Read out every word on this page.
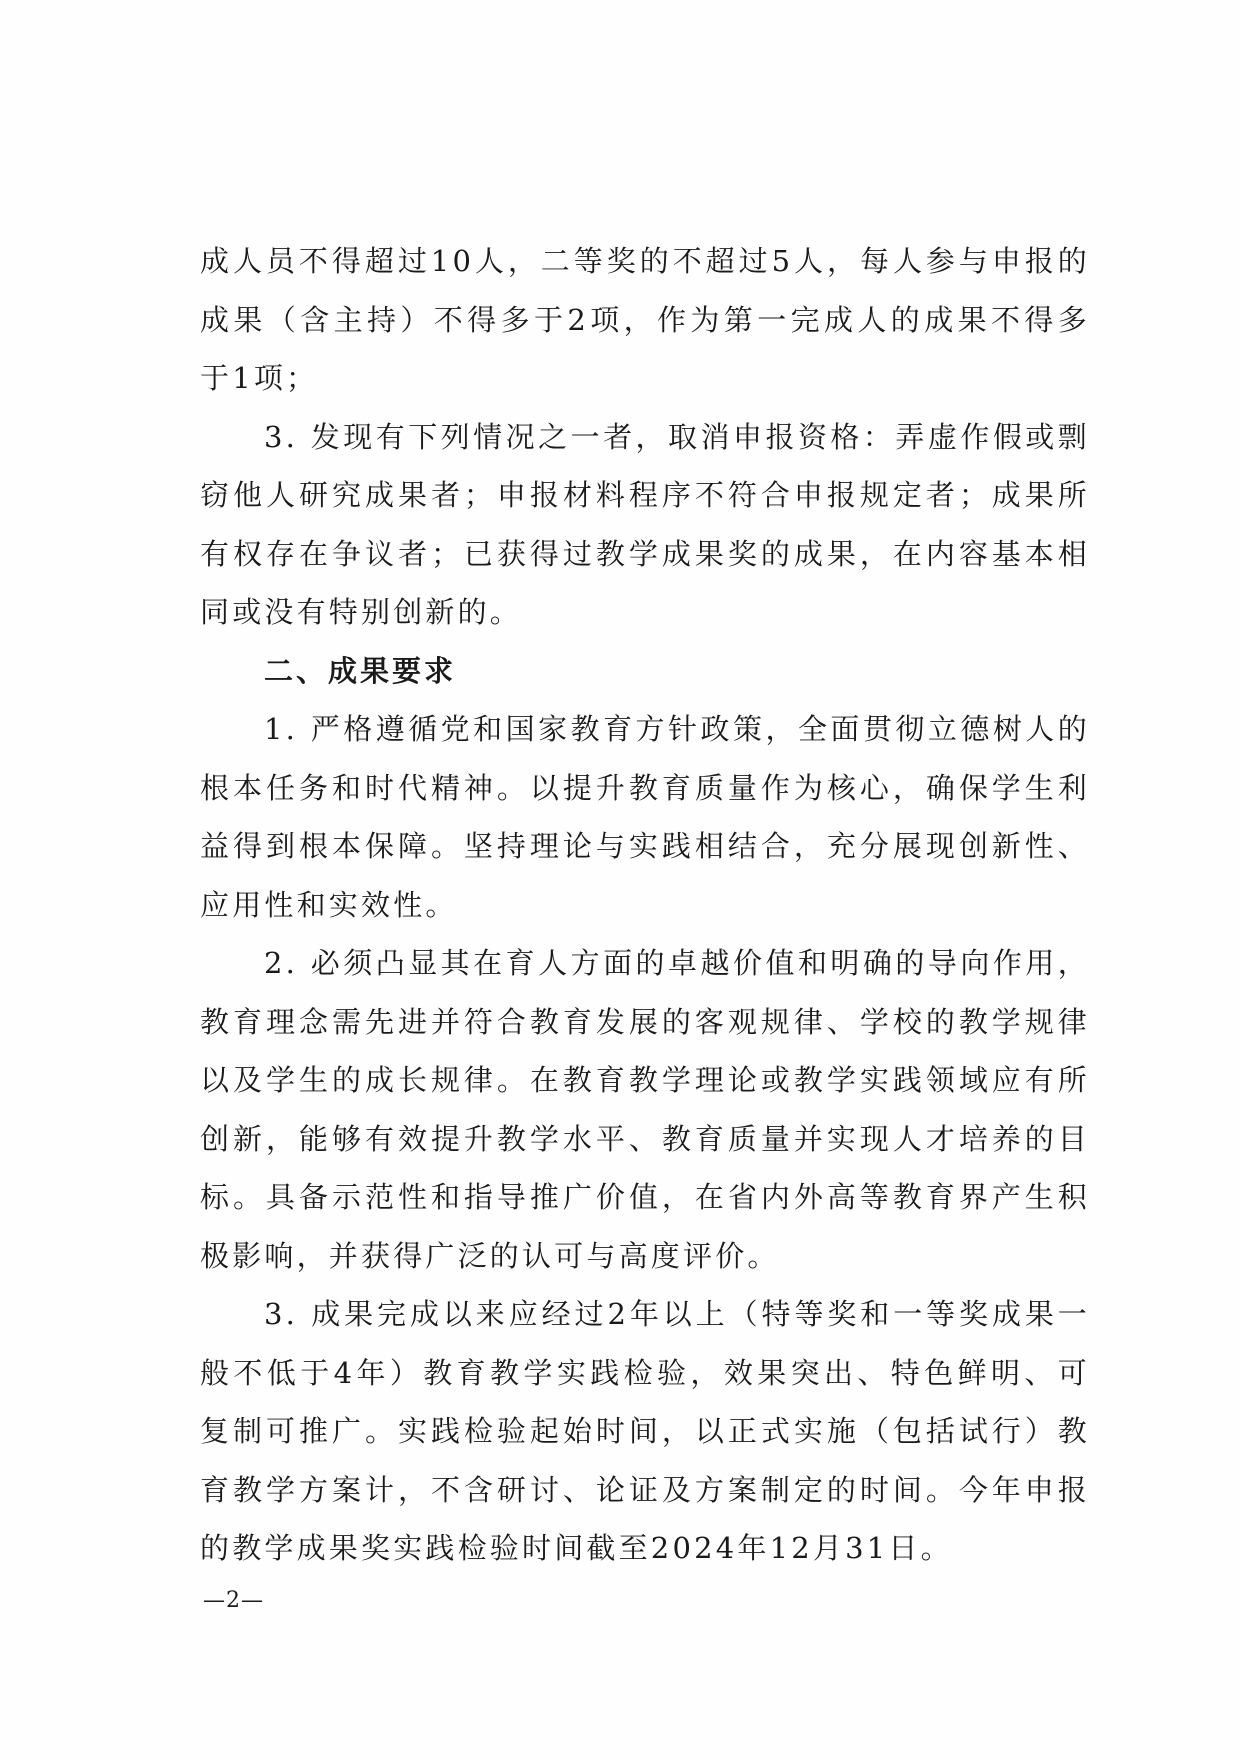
成人员不得超过10人，二等奖的不超过5人，每人参与申报的成果（含主持）不得多于2项，作为第一完成人的成果不得多于1项；

3. 发现有下列情况之一者，取消申报资格：弄虚作假或剽窃他人研究成果者；申报材料程序不符合申报规定者；成果所有权存在争议者；已获得过教学成果奖的成果，在内容基本相同或没有特别创新的。

二、成果要求

1. 严格遵循党和国家教育方针政策，全面贯彻立德树人的根本任务和时代精神。以提升教育质量作为核心，确保学生利益得到根本保障。坚持理论与实践相结合，充分展现创新性、应用性和实效性。

2. 必须凸显其在育人方面的卓越价值和明确的导向作用，教育理念需先进并符合教育发展的客观规律、学校的教学规律以及学生的成长规律。在教育教学理论或教学实践领域应有所创新，能够有效提升教学水平、教育质量并实现人才培养的目标。具备示范性和指导推广价值，在省内外高等教育界产生积极影响，并获得广泛的认可与高度评价。

3. 成果完成以来应经过2年以上（特等奖和一等奖成果一般不低于4年）教育教学实践检验，效果突出、特色鲜明、可复制可推广。实践检验起始时间，以正式实施（包括试行）教育教学方案计，不含研讨、论证及方案制定的时间。今年申报的教学成果奖实践检验时间截至2024年12月31日。

—2—
